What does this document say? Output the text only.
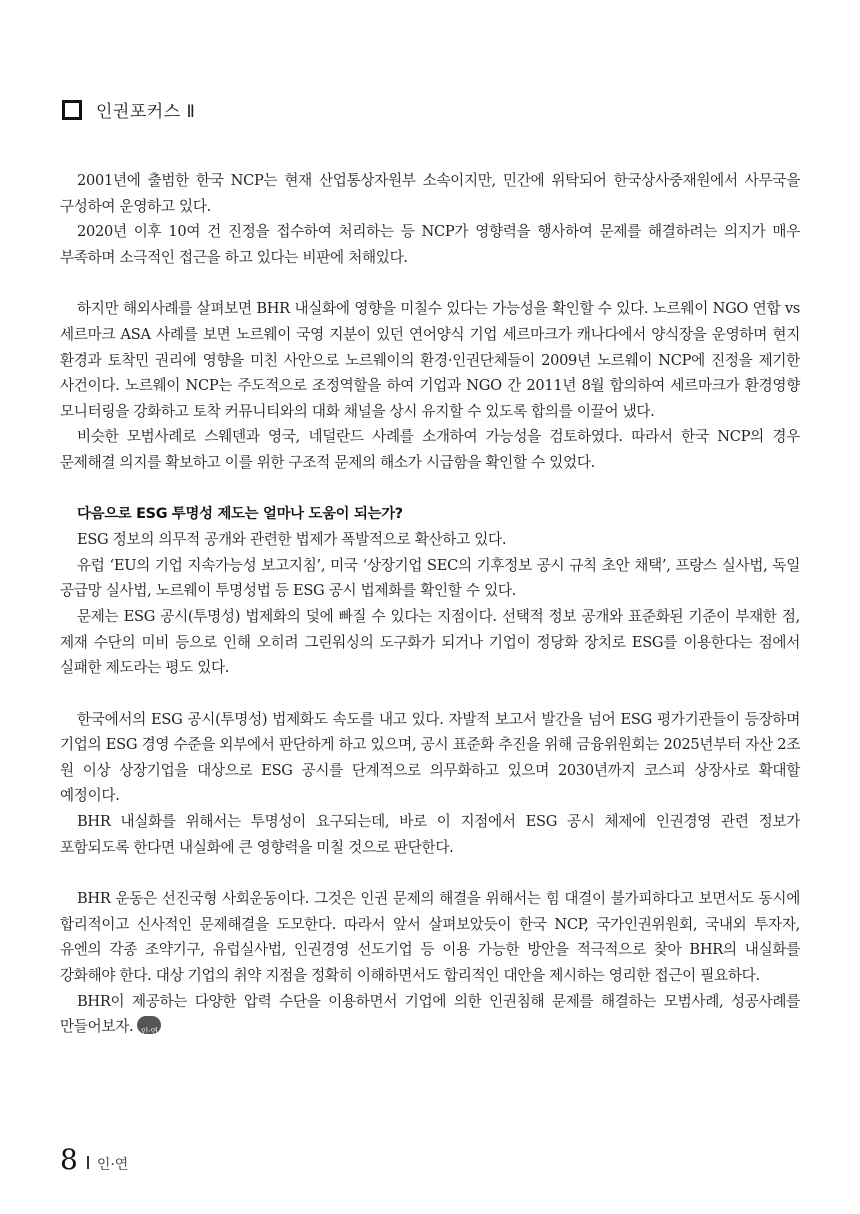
인권포커스 Ⅱ

2001년에 출범한 한국 NCP는 현재 산업통상자원부 소속이지만, 민간에 위탁되어 한국상사중재원에서 사무국을 구성하여 운영하고 있다.

2020년 이후 10여 건 진정을 접수하여 처리하는 등 NCP가 영향력을 행사하여 문제를 해결하려는 의지가 매우 부족하며 소극적인 접근을 하고 있다는 비판에 처해있다.

하지만 해외사례를 살펴보면 BHR 내실화에 영향을 미칠수 있다는 가능성을 확인할 수 있다. 노르웨이 NGO 연합 vs 세르마크 ASA 사례를 보면 노르웨이 국영 지분이 있던 연어양식 기업 세르마크가 캐나다에서 양식장을 운영하며 현지 환경과 토착민 권리에 영향을 미친 사안으로 노르웨이의 환경·인권단체들이 2009년 노르웨이 NCP에 진정을 제기한 사건이다. 노르웨이 NCP는 주도적으로 조정역할을 하여 기업과 NGO 간 2011년 8월 합의하여 세르마크가 환경영향 모니터링을 강화하고 토착 커뮤니티와의 대화 채널을 상시 유지할 수 있도록 합의를 이끌어 냈다.

비슷한 모범사례로 스웨덴과 영국, 네덜란드 사례를 소개하여 가능성을 검토하였다. 따라서 한국 NCP의 경우 문제해결 의지를 확보하고 이를 위한 구조적 문제의 해소가 시급함을 확인할 수 있었다.

다음으로 ESG 투명성 제도는 얼마나 도움이 되는가?

ESG 정보의 의무적 공개와 관련한 법제가 폭발적으로 확산하고 있다.

유럽 ‘EU의 기업 지속가능성 보고지침’, 미국 ‘상장기업 SEC의 기후정보 공시 규칙 초안 채택’, 프랑스 실사법, 독일 공급망 실사법, 노르웨이 투명성법 등 ESG 공시 법제화를 확인할 수 있다.

문제는 ESG 공시(투명성) 법제화의 덫에 빠질 수 있다는 지점이다. 선택적 정보 공개와 표준화된 기준이 부재한 점, 제재 수단의 미비 등으로 인해 오히려 그린워싱의 도구화가 되거나 기업이 정당화 장치로 ESG를 이용한다는 점에서 실패한 제도라는 평도 있다.

한국에서의 ESG 공시(투명성) 법제화도 속도를 내고 있다. 자발적 보고서 발간을 넘어 ESG 평가기관들이 등장하며 기업의 ESG 경영 수준을 외부에서 판단하게 하고 있으며, 공시 표준화 추진을 위해 금융위원회는 2025년부터 자산 2조 원 이상 상장기업을 대상으로 ESG 공시를 단계적으로 의무화하고 있으며 2030년까지 코스피 상장사로 확대할 예정이다.

BHR 내실화를 위해서는 투명성이 요구되는데, 바로 이 지점에서 ESG 공시 체제에 인권경영 관련 정보가 포함되도록 한다면 내실화에 큰 영향력을 미칠 것으로 판단한다.

BHR 운동은 선진국형 사회운동이다. 그것은 인권 문제의 해결을 위해서는 힘 대결이 불가피하다고 보면서도 동시에 합리적이고 신사적인 문제해결을 도모한다. 따라서 앞서 살펴보았듯이 한국 NCP, 국가인권위원회, 국내외 투자자, 유엔의 각종 조약기구, 유럽실사법, 인권경영 선도기업 등 이용 가능한 방안을 적극적으로 찾아 BHR의 내실화를 강화해야 한다. 대상 기업의 취약 지점을 정확히 이해하면서도 합리적인 대안을 제시하는 영리한 접근이 필요하다.

BHR이 제공하는 다양한 압력 수단을 이용하면서 기업에 의한 인권침해 문제를 해결하는 모범사례, 성공사례를 만들어보자.인·연

8 인·연
